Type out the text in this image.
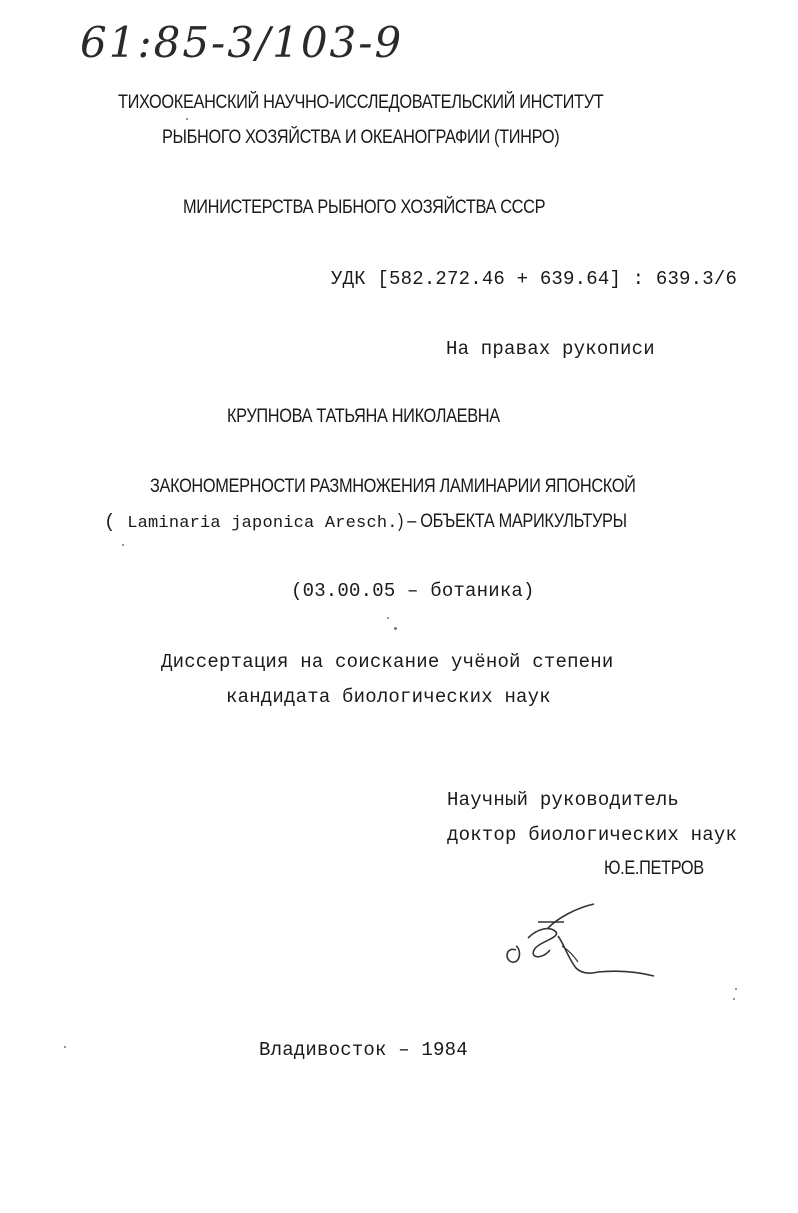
61:85-3/103-9
ТИХООКЕАНСКИЙ НАУЧНО-ИССЛЕДОВАТЕЛЬСКИЙ ИНСТИТУТ
РЫБНОГО ХОЗЯЙСТВА И ОКЕАНОГРАФИИ (ТИНРО)
МИНИСТЕРСТВА РЫБНОГО ХОЗЯЙСТВА СССР
УДК [582.272.46 + 639.64] : 639.3/6
На правах рукописи
КРУПНОВА ТАТЬЯНА НИКОЛАЕВНА
ЗАКОНОМЕРНОСТИ РАЗМНОЖЕНИЯ ЛАМИНАРИИ ЯПОНСКОЙ
( Laminaria japonica Aresch.) – ОБЪЕКТА МАРИКУЛЬТУРЫ
(03.00.05 – ботаника)
Диссертация на соискание учёной степени
кандидата биологических наук
Научный руководитель
доктор биологических наук
Ю.Е.ПЕТРОВ
Владивосток – 1984
